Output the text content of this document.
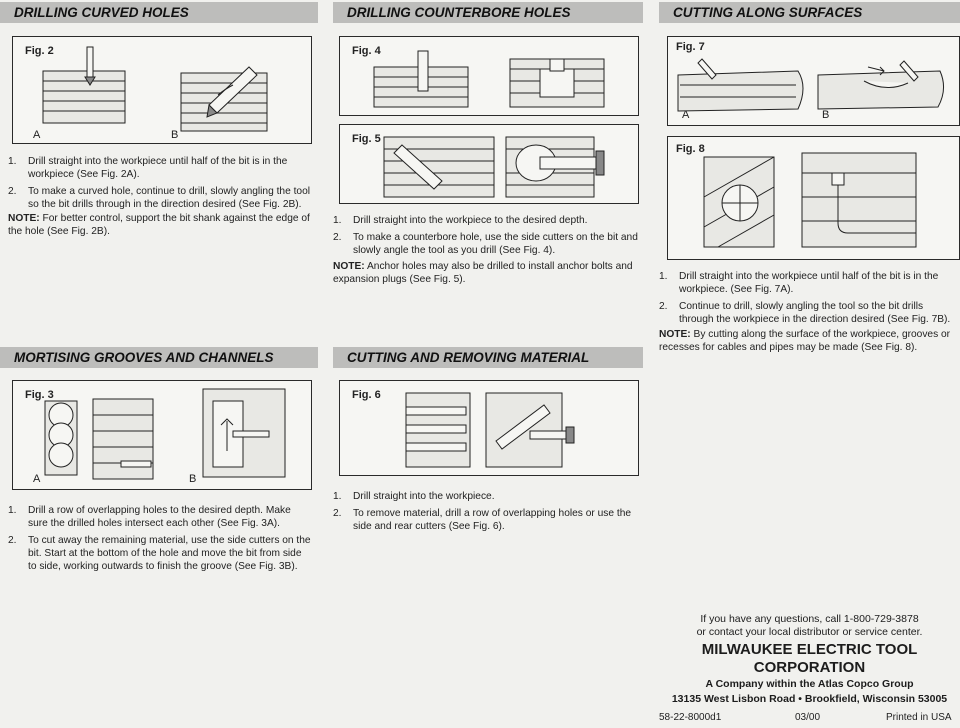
DRILLING CURVED HOLES
Fig. 2
A	B
1. Drill straight into the workpiece until half of the bit is in the workpiece (See Fig. 2A).
2. To make a curved hole, continue to drill, slowly angling the tool so the bit drills through in the direction desired (See Fig. 2B).
NOTE: For better control, support the bit shank against the edge of the hole (See Fig. 2B).
MORTISING GROOVES AND CHANNELS
Fig. 3
A	B
1. Drill a row of overlapping holes to the desired depth. Make sure the drilled holes intersect each other (See Fig. 3A).
2. To cut away the remaining material, use the side cutters on the bit. Start at the bottom of the hole and move the bit from side to side, working outwards to finish the groove (See Fig. 3B).
DRILLING COUNTERBORE HOLES
Fig. 4
Fig. 5
1. Drill straight into the workpiece to the desired depth.
2. To make a counterbore hole, use the side cutters on the bit and slowly angle the tool as you drill (See Fig. 4).
NOTE: Anchor holes may also be drilled to install anchor bolts and expansion plugs (See Fig. 5).
CUTTING AND REMOVING MATERIAL
Fig. 6
1. Drill straight into the workpiece.
2. To remove material, drill a row of overlapping holes or use the side and rear cutters (See Fig. 6).
CUTTING ALONG SURFACES
Fig. 7
A	B
Fig. 8
1. Drill straight into the workpiece until half of the bit is in the workpiece. (See Fig. 7A).
2. Continue to drill, slowly angling the tool so the bit drills through the workpiece in the direction desired (See Fig. 7B).
NOTE: By cutting along the surface of the workpiece, grooves or recesses for cables and pipes may be made (See Fig. 8).
If you have any questions, call 1-800-729-3878
or contact your local distributor or service center.
MILWAUKEE ELECTRIC TOOL
CORPORATION
A Company within the Atlas Copco Group
13135 West Lisbon Road • Brookfield, Wisconsin 53005
58-22-8000d1	03/00	Printed in USA
